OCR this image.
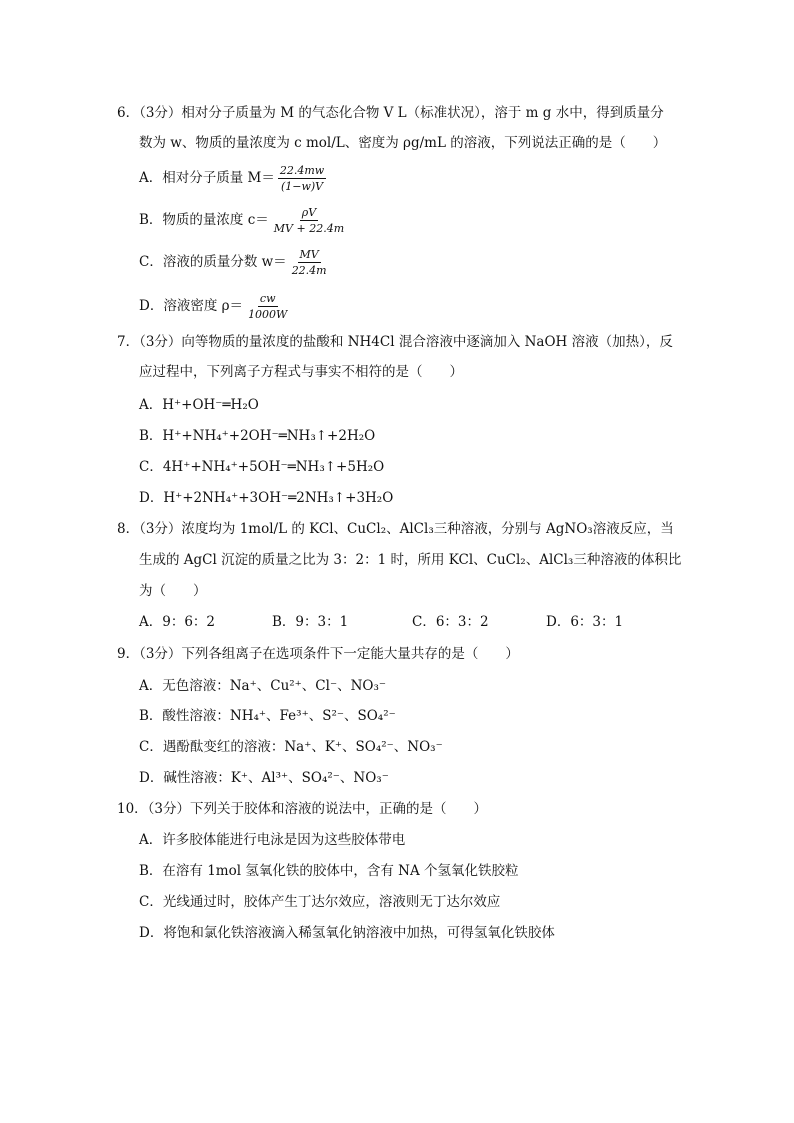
6．（3分）相对分子质量为 M 的气态化合物 V L（标准状况），溶于 m g 水中，得到质量分
数为 w、物质的量浓度为 c mol/L、密度为 ρg/mL 的溶液，下列说法正确的是（　　）
A．相对分子质量 $M= \frac{22.4mw}{(1-w)V}$
B．物质的量浓度 $c= \frac{\rho V}{MV + 22.4m}$
C．溶液的质量分数 $w= \frac{MV}{22.4m}$
D．溶液密度 $\rho= \frac{cw}{1000W}$
7．（3分）向等物质的量浓度的盐酸和 NH4Cl 混合溶液中逐滴加入 NaOH 溶液（加热），反
应过程中，下列离子方程式与事实不相符的是（　　）
A．H⁺+OH⁻═H₂O
B．H⁺+NH₄⁺+2OH⁻═NH₃↑+2H₂O
C．4H⁺+NH₄⁺+5OH⁻═NH₃↑+5H₂O
D．H⁺+2NH₄⁺+3OH⁻═2NH₃↑+3H₂O
8．（3分）浓度均为 1mol/L 的 KCl、CuCl₂、AlCl₃三种溶液，分别与 AgNO₃溶液反应，当
生成的 AgCl 沉淀的质量之比为 3：2：1 时，所用 KCl、CuCl₂、AlCl₃三种溶液的体积比
为（　　）
A．9：6：2	B．9：3：1	C．6：3：2	D．6：3：1
9．（3分）下列各组离子在选项条件下一定能大量共存的是（　　）
A．无色溶液：Na⁺、Cu²⁺、Cl⁻、NO₃⁻
B．酸性溶液：NH₄⁺、Fe³⁺、S²⁻、SO₄²⁻
C．遇酚酞变红的溶液：Na⁺、K⁺、SO₄²⁻、NO₃⁻
D．碱性溶液：K⁺、Al³⁺、SO₄²⁻、NO₃⁻
10．（3分）下列关于胶体和溶液的说法中，正确的是（　　）
A．许多胶体能进行电泳是因为这些胶体带电
B．在溶有 1mol 氢氧化铁的胶体中，含有 NA 个氢氧化铁胶粒
C．光线通过时，胶体产生丁达尔效应，溶液则无丁达尔效应
D．将饱和氯化铁溶液滴入稀氢氧化钠溶液中加热，可得氢氧化铁胶体
